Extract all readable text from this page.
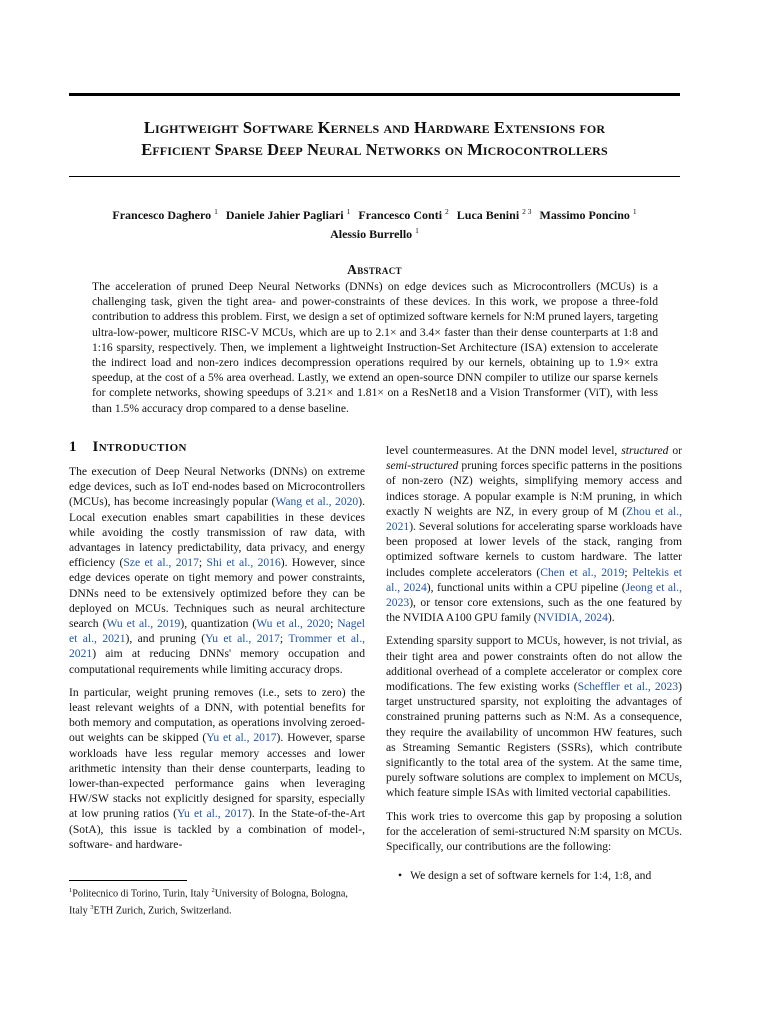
Lightweight Software Kernels and Hardware Extensions for
Efficient Sparse Deep Neural Networks on Microcontrollers
Francesco Daghero $^1$ Daniele Jahier Pagliari $^1$ Francesco Conti $^2$ Luca Benini $^{2 3}$ Massimo Poncino $^1$
Alessio Burrello $^1$
Abstract
The acceleration of pruned Deep Neural Networks (DNNs) on edge devices such as Microcontrollers (MCUs) is a challenging task, given the tight area- and power-constraints of these devices. In this work, we propose a three-fold contribution to address this problem. First, we design a set of optimized software kernels for N:M pruned layers, targeting ultra-low-power, multicore RISC-V MCUs, which are up to 2.1× and 3.4× faster than their dense counterparts at 1:8 and 1:16 sparsity, respectively. Then, we implement a lightweight Instruction-Set Architecture (ISA) extension to accelerate the indirect load and non-zero indices decompression operations required by our kernels, obtaining up to 1.9× extra speedup, at the cost of a 5% area overhead. Lastly, we extend an open-source DNN compiler to utilize our sparse kernels for complete networks, showing speedups of 3.21× and 1.81× on a ResNet18 and a Vision Transformer (ViT), with less than 1.5% accuracy drop compared to a dense baseline.
1 Introduction
The execution of Deep Neural Networks (DNNs) on extreme edge devices, such as IoT end-nodes based on Microcontrollers (MCUs), has become increasingly popular (Wang et al., 2020). Local execution enables smart capabilities in these devices while avoiding the costly transmission of raw data, with advantages in latency predictability, data privacy, and energy efficiency (Sze et al., 2017; Shi et al., 2016). However, since edge devices operate on tight memory and power constraints, DNNs need to be extensively optimized before they can be deployed on MCUs. Techniques such as neural architecture search (Wu et al., 2019), quantization (Wu et al., 2020; Nagel et al., 2021), and pruning (Yu et al., 2017; Trommer et al., 2021) aim at reducing DNNs' memory occupation and computational requirements while limiting accuracy drops.
In particular, weight pruning removes (i.e., sets to zero) the least relevant weights of a DNN, with potential benefits for both memory and computation, as operations involving zeroed-out weights can be skipped (Yu et al., 2017). However, sparse workloads have less regular memory accesses and lower arithmetic intensity than their dense counterparts, leading to lower-than-expected performance gains when leveraging HW/SW stacks not explicitly designed for sparsity, especially at low pruning ratios (Yu et al., 2017). In the State-of-the-Art (SotA), this issue is tackled by a combination of model-, software- and hardware-
level countermeasures. At the DNN model level, structured or semi-structured pruning forces specific patterns in the positions of non-zero (NZ) weights, simplifying memory access and indices storage. A popular example is N:M pruning, in which exactly N weights are NZ, in every group of M (Zhou et al., 2021). Several solutions for accelerating sparse workloads have been proposed at lower levels of the stack, ranging from optimized software kernels to custom hardware. The latter includes complete accelerators (Chen et al., 2019; Peltekis et al., 2024), functional units within a CPU pipeline (Jeong et al., 2023), or tensor core extensions, such as the one featured by the NVIDIA A100 GPU family (NVIDIA, 2024).
Extending sparsity support to MCUs, however, is not trivial, as their tight area and power constraints often do not allow the additional overhead of a complete accelerator or complex core modifications. The few existing works (Scheffler et al., 2023) target unstructured sparsity, not exploiting the advantages of constrained pruning patterns such as N:M. As a consequence, they require the availability of uncommon HW features, such as Streaming Semantic Registers (SSRs), which contribute significantly to the total area of the system. At the same time, purely software solutions are complex to implement on MCUs, which feature simple ISAs with limited vectorial capabilities.
This work tries to overcome this gap by proposing a solution for the acceleration of semi-structured N:M sparsity on MCUs. Specifically, our contributions are the following:
• We design a set of software kernels for 1:4, 1:8, and
$^1$Politecnico di Torino, Turin, Italy $^2$University of Bologna, Bologna, Italy $^3$ETH Zurich, Zurich, Switzerland.
